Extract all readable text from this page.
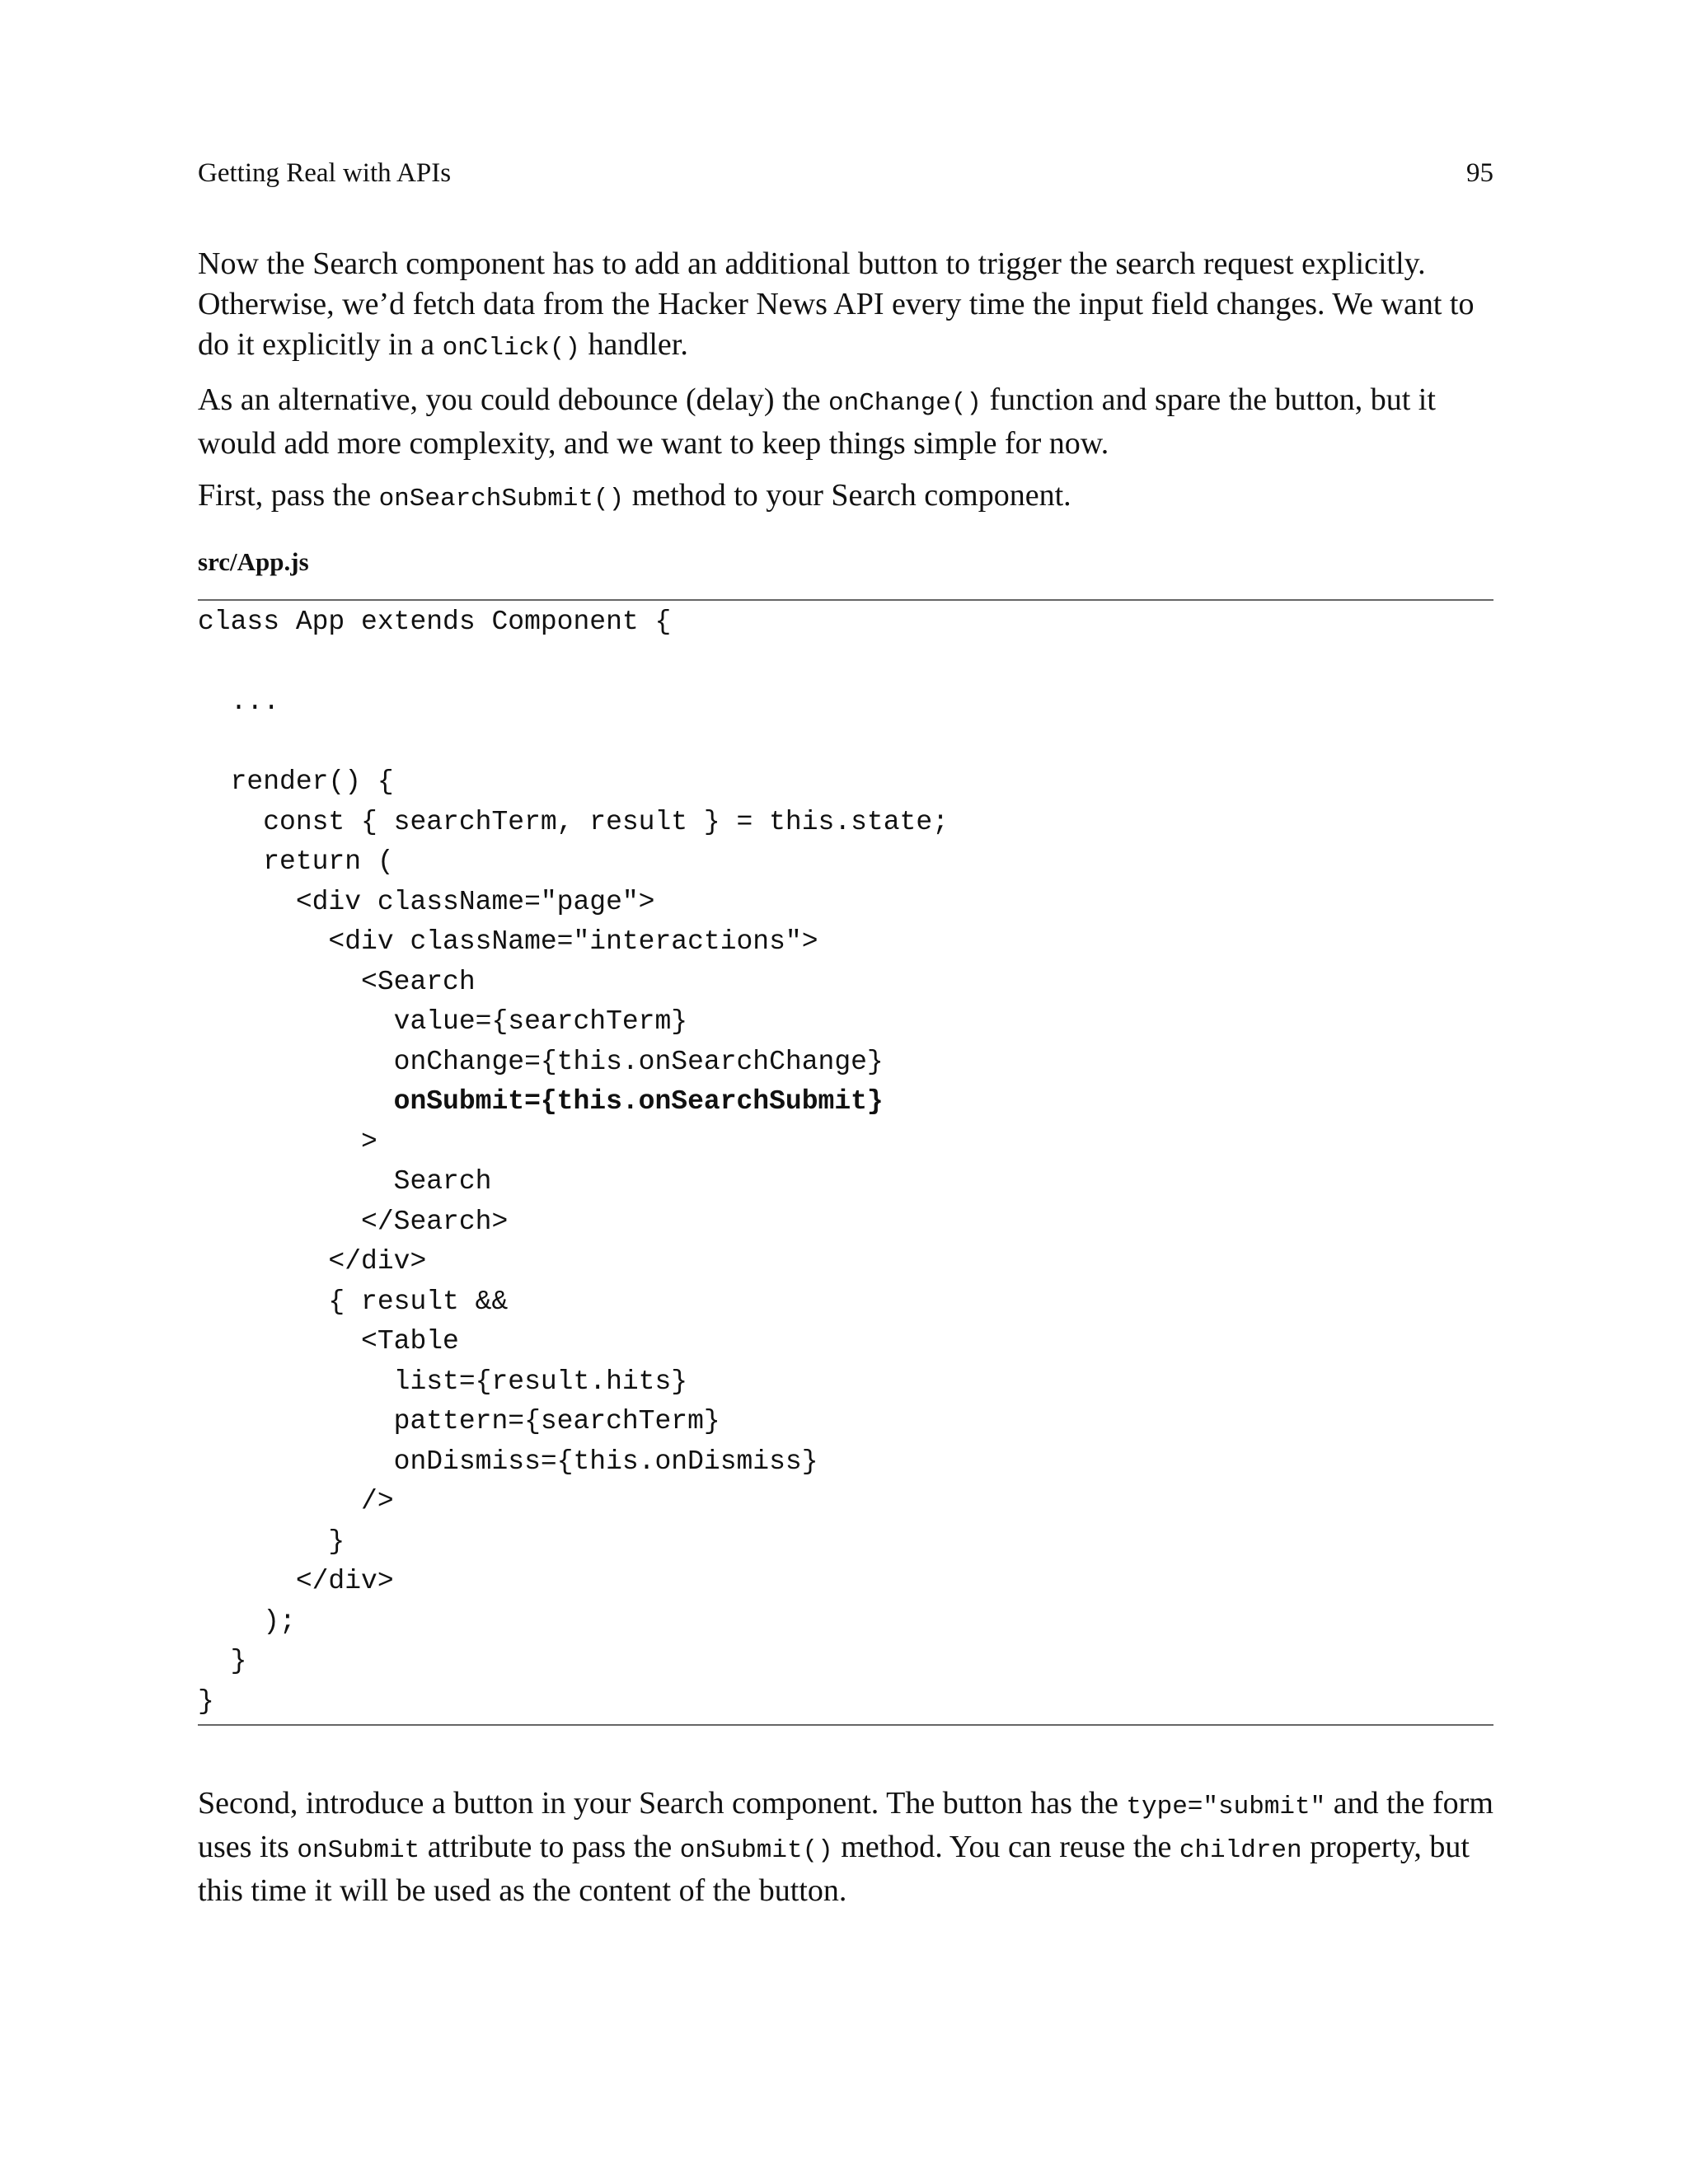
Getting Real with APIs	95

Now the Search component has to add an additional button to trigger the search request explicitly. Otherwise, we’d fetch data from the Hacker News API every time the input field changes. We want to do it explicitly in a onClick() handler.

As an alternative, you could debounce (delay) the onChange() function and spare the button, but it would add more complexity, and we want to keep things simple for now.

First, pass the onSearchSubmit() method to your Search component.

src/App.js
class App extends Component {
...
render() {
const { searchTerm, result } = this.state;
return (
<div className="page">
<div className="interactions">
<Search
value={searchTerm}
onChange={this.onSearchChange}
onSubmit={this.onSearchSubmit}
>
Search
</Search>
</div>
{ result &&
<Table
list={result.hits}
pattern={searchTerm}
onDismiss={this.onDismiss}
/>
}
</div>
);
}
}

Second, introduce a button in your Search component. The button has the type="submit" and the form uses its onSubmit attribute to pass the onSubmit() method. You can reuse the children property, but this time it will be used as the content of the button.
